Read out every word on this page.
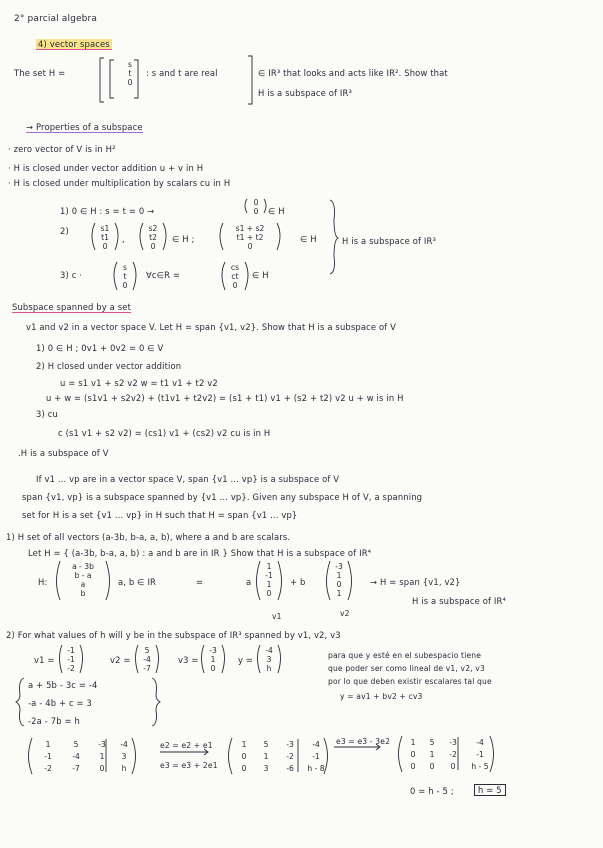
2° parcial algebra
4) vector spaces
The set H =
s
t
0
: s and t are real	∈ IR³ that looks and acts like IR². Show that
H is a subspace of IR³
→ Properties of a subspace
· zero vector of V is in H²
· H is closed under vector addition u + v in H
· H is closed under multiplication by scalars cu in H
1) 0 ∈ H : s = t = 0 →
0
0	∈ H
2)	s1
t1
0
,
s2
t2
0
∈ H ;
s1 + s2
t1 + t2
0
∈ H	H is a subspace of IR³
3) c ·
s
t
0
∀c∈R =
cs
ct
0
∈ H
Subspace spanned by a set
v1 and v2 in a vector space V. Let H = span {v1, v2}. Show that H is a subspace of V
1) 0 ∈ H ; 0v1 + 0v2 = 0 ∈ V
2) H closed under vector addition
u = s1 v1 + s2 v2 w = t1 v1 + t2 v2
u + w = (s1v1 + s2v2) + (t1v1 + t2v2) = (s1 + t1) v1 + (s2 + t2) v2 u + w is in H
3) cu
c (s1 v1 + s2 v2) = (cs1) v1 + (cs2) v2 cu is in H
.H is a subspace of V
If v1 ... vp are in a vector space V, span {v1 ... vp} is a subspace of V
span {v1, vp} is a subspace spanned by {v1 ... vp}. Given any subspace H of V, a spanning
set for H is a set {v1 ... vp} in H such that H = span {v1 ... vp}
1) H set of all vectors (a-3b, b-a, a, b), where a and b are scalars.
Let H = { (a-3b, b-a, a, b) : a and b are in IR } Show that H is a subspace of IR⁴
H:
a - 3b
b - a
a
b
a, b ∈ IR	=	a
1
-1
1
0
+ b
-3
1
0
1
v1	v2
→ H = span {v1, v2}
H is a subspace of IR⁴
2) For what values of h will y be in the subspace of IR³ spanned by v1, v2, v3
v1 =
-1
-1
-2
v2 =
5
-4
-7
v3 =
-3
1
0
y =
-4
3
h
para que y esté en el subespacio tiene
que poder ser como lineal de v1, v2, v3
por lo que deben existir escalares tal que
y = av1 + bv2 + cv3
a + 5b - 3c = -4
-a - 4b + c = 3
-2a - 7b = h
1	5	-3	-4
-1	-4	1	3
-2	-7	0	h
e2 = e2 + e1
e3 = e3 + 2e1
1	5	-3	-4
0	1	-2	-1
0	3	-6	h - 8
e3 = e3 - 3e2	1	5	-3	-4
0	1	-2	-1
0	0	0	h - 5
0 = h - 5 ;	h = 5
